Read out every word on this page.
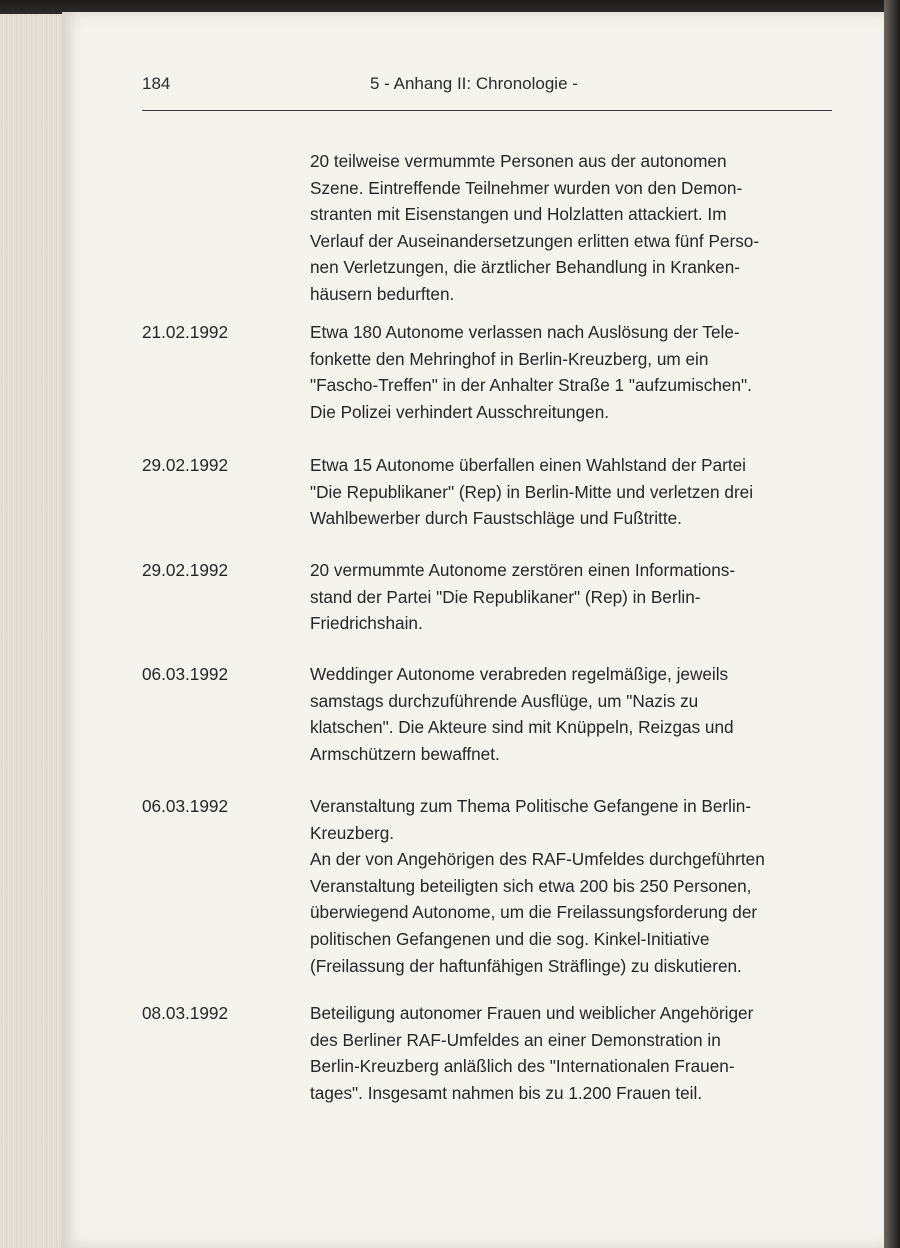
184	5 - Anhang II: Chronologie -

20 teilweise vermummte Personen aus der autonomen
Szene. Eintreffende Teilnehmer wurden von den Demon-
stranten mit Eisenstangen und Holzlatten attackiert. Im
Verlauf der Auseinandersetzungen erlitten etwa fünf Perso-
nen Verletzungen, die ärztlicher Behandlung in Kranken-
häusern bedurften.

21.02.1992	Etwa 180 Autonome verlassen nach Auslösung der Tele-
fonkette den Mehringhof in Berlin-Kreuzberg, um ein
"Fascho-Treffen" in der Anhalter Straße 1 "aufzumischen".
Die Polizei verhindert Ausschreitungen.

29.02.1992	Etwa 15 Autonome überfallen einen Wahlstand der Partei
"Die Republikaner" (Rep) in Berlin-Mitte und verletzen drei
Wahlbewerber durch Faustschläge und Fußtritte.

29.02.1992	20 vermummte Autonome zerstören einen Informations-
stand der Partei "Die Republikaner" (Rep) in Berlin-
Friedrichshain.

06.03.1992	Weddinger Autonome verabreden regelmäßige, jeweils
samstags durchzuführende Ausflüge, um "Nazis zu
klatschen". Die Akteure sind mit Knüppeln, Reizgas und
Armschützern bewaffnet.

06.03.1992	Veranstaltung zum Thema Politische Gefangene in Berlin-
Kreuzberg.
An der von Angehörigen des RAF-Umfeldes durchgeführten
Veranstaltung beteiligten sich etwa 200 bis 250 Personen,
überwiegend Autonome, um die Freilassungsforderung der
politischen Gefangenen und die sog. Kinkel-Initiative
(Freilassung der haftunfähigen Sträflinge) zu diskutieren.

08.03.1992	Beteiligung autonomer Frauen und weiblicher Angehöriger
des Berliner RAF-Umfeldes an einer Demonstration in
Berlin-Kreuzberg anläßlich des "Internationalen Frauen-
tages". Insgesamt nahmen bis zu 1.200 Frauen teil.
